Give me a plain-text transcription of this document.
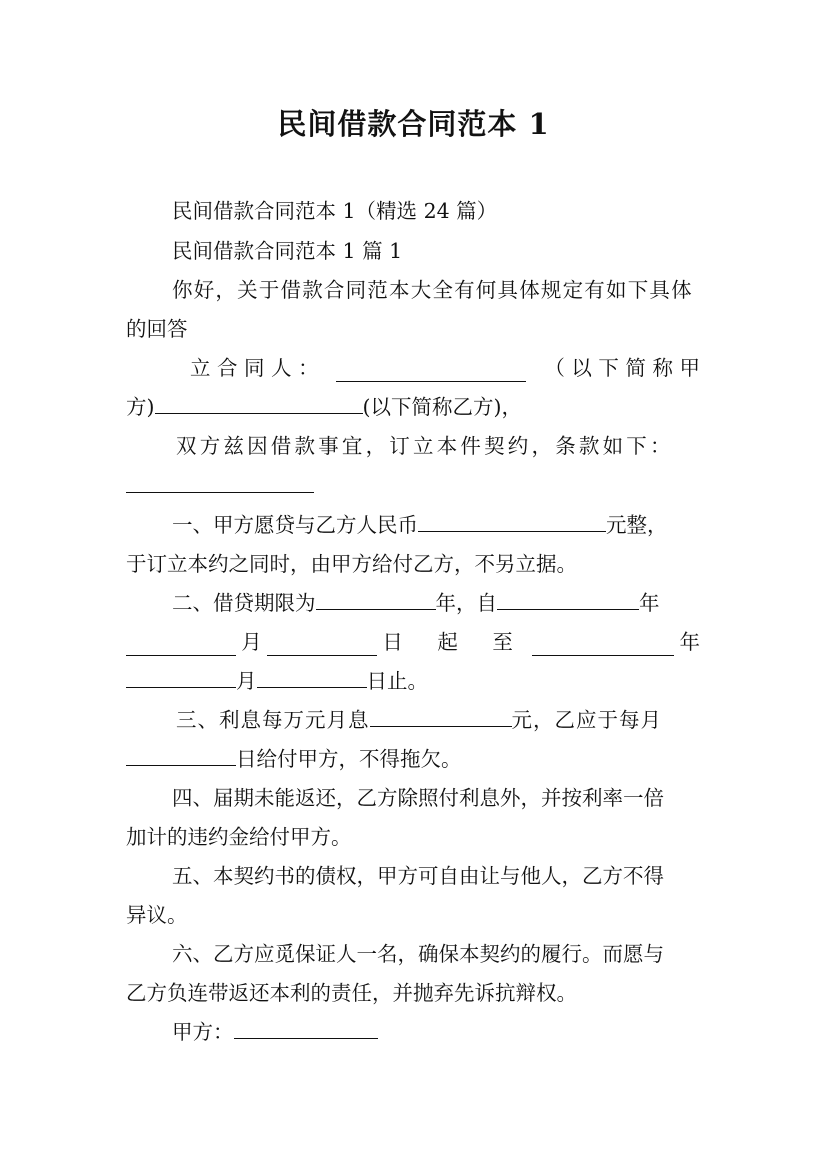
民间借款合同范本 1
民间借款合同范本 1（精选 24 篇）
民间借款合同范本 1 篇 1
你好，关于借款合同范本大全有何具体规定有如下具体
的回答
立 合 同 人 ：	（ 以 下 简 称 甲
方)	(以下简称乙方)，
双方兹因借款事宜，订立本件契约，条款如下：
一、甲方愿贷与乙方人民币	元整，
于订立本约之同时，由甲方给付乙方，不另立据。
二、借贷期限为	年，自	年
月	日 起 至	年
月	日止。
三、利息每万元月息	元，乙应于每月
日给付甲方，不得拖欠。
四、届期未能返还，乙方除照付利息外，并按利率一倍
加计的违约金给付甲方。
五、本契约书的债权，甲方可自由让与他人，乙方不得
异议。
六、乙方应觅保证人一名，确保本契约的履行。而愿与
乙方负连带返还本利的责任，并抛弃先诉抗辩权。
甲方：
